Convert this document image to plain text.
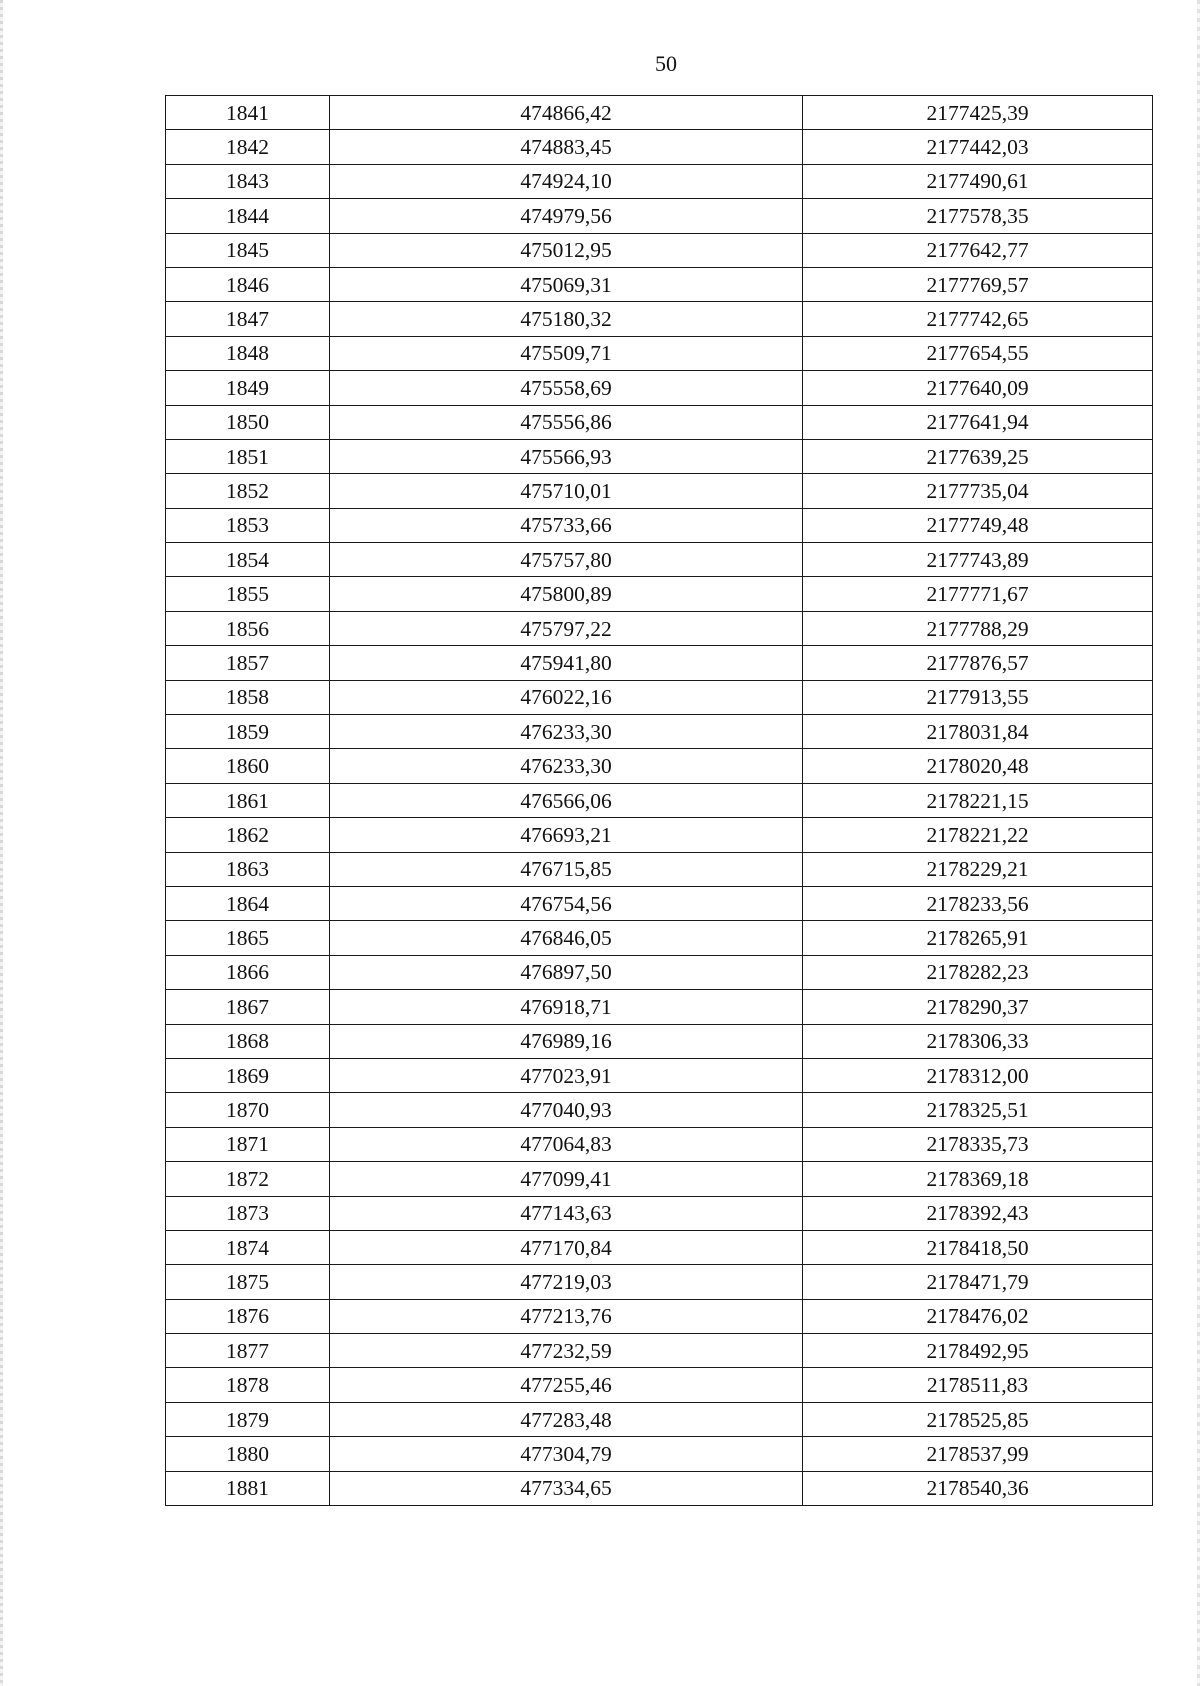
50
1841	474866,42	2177425,39
1842	474883,45	2177442,03
1843	474924,10	2177490,61
1844	474979,56	2177578,35
1845	475012,95	2177642,77
1846	475069,31	2177769,57
1847	475180,32	2177742,65
1848	475509,71	2177654,55
1849	475558,69	2177640,09
1850	475556,86	2177641,94
1851	475566,93	2177639,25
1852	475710,01	2177735,04
1853	475733,66	2177749,48
1854	475757,80	2177743,89
1855	475800,89	2177771,67
1856	475797,22	2177788,29
1857	475941,80	2177876,57
1858	476022,16	2177913,55
1859	476233,30	2178031,84
1860	476233,30	2178020,48
1861	476566,06	2178221,15
1862	476693,21	2178221,22
1863	476715,85	2178229,21
1864	476754,56	2178233,56
1865	476846,05	2178265,91
1866	476897,50	2178282,23
1867	476918,71	2178290,37
1868	476989,16	2178306,33
1869	477023,91	2178312,00
1870	477040,93	2178325,51
1871	477064,83	2178335,73
1872	477099,41	2178369,18
1873	477143,63	2178392,43
1874	477170,84	2178418,50
1875	477219,03	2178471,79
1876	477213,76	2178476,02
1877	477232,59	2178492,95
1878	477255,46	2178511,83
1879	477283,48	2178525,85
1880	477304,79	2178537,99
1881	477334,65	2178540,36
